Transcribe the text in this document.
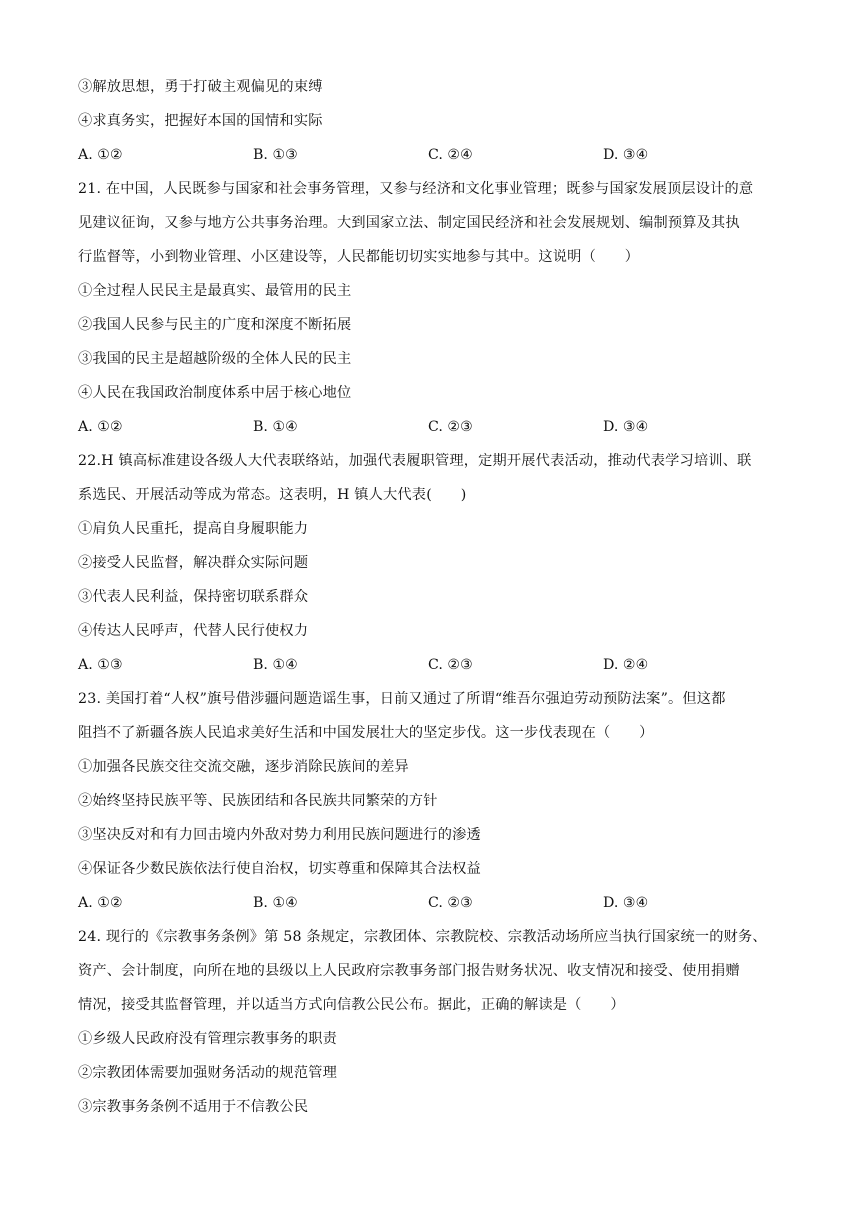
③解放思想，勇于打破主观偏见的束缚
④求真务实，把握好本国的国情和实际
A. ①②	B. ①③	C. ②④	D. ③④
21. 在中国，人民既参与国家和社会事务管理，又参与经济和文化事业管理；既参与国家发展顶层设计的意
见建议征询，又参与地方公共事务治理。大到国家立法、制定国民经济和社会发展规划、编制预算及其执
行监督等，小到物业管理、小区建设等，人民都能切切实实地参与其中。这说明（　　）
①全过程人民民主是最真实、最管用的民主
②我国人民参与民主的广度和深度不断拓展
③我国的民主是超越阶级的全体人民的民主
④人民在我国政治制度体系中居于核心地位
A. ①②	B. ①④	C. ②③	D. ③④
22.H 镇高标准建设各级人大代表联络站，加强代表履职管理，定期开展代表活动，推动代表学习培训、联
系选民、开展活动等成为常态。这表明，H 镇人大代表(　　)
①肩负人民重托，提高自身履职能力
②接受人民监督，解决群众实际问题
③代表人民利益，保持密切联系群众
④传达人民呼声，代替人民行使权力
A. ①③	B. ①④	C. ②③	D. ②④
23. 美国打着“人权”旗号借涉疆问题造谣生事，日前又通过了所谓“维吾尔强迫劳动预防法案”。但这都
阻挡不了新疆各族人民追求美好生活和中国发展壮大的坚定步伐。这一步伐表现在（　　）
①加强各民族交往交流交融，逐步消除民族间的差异
②始终坚持民族平等、民族团结和各民族共同繁荣的方针
③坚决反对和有力回击境内外敌对势力利用民族问题进行的渗透
④保证各少数民族依法行使自治权，切实尊重和保障其合法权益
A. ①②	B. ①④	C. ②③	D. ③④
24. 现行的《宗教事务条例》第 58 条规定，宗教团体、宗教院校、宗教活动场所应当执行国家统一的财务、
资产、会计制度，向所在地的县级以上人民政府宗教事务部门报告财务状况、收支情况和接受、使用捐赠
情况，接受其监督管理，并以适当方式向信教公民公布。据此，正确的解读是（　　）
①乡级人民政府没有管理宗教事务的职责
②宗教团体需要加强财务活动的规范管理
③宗教事务条例不适用于不信教公民
